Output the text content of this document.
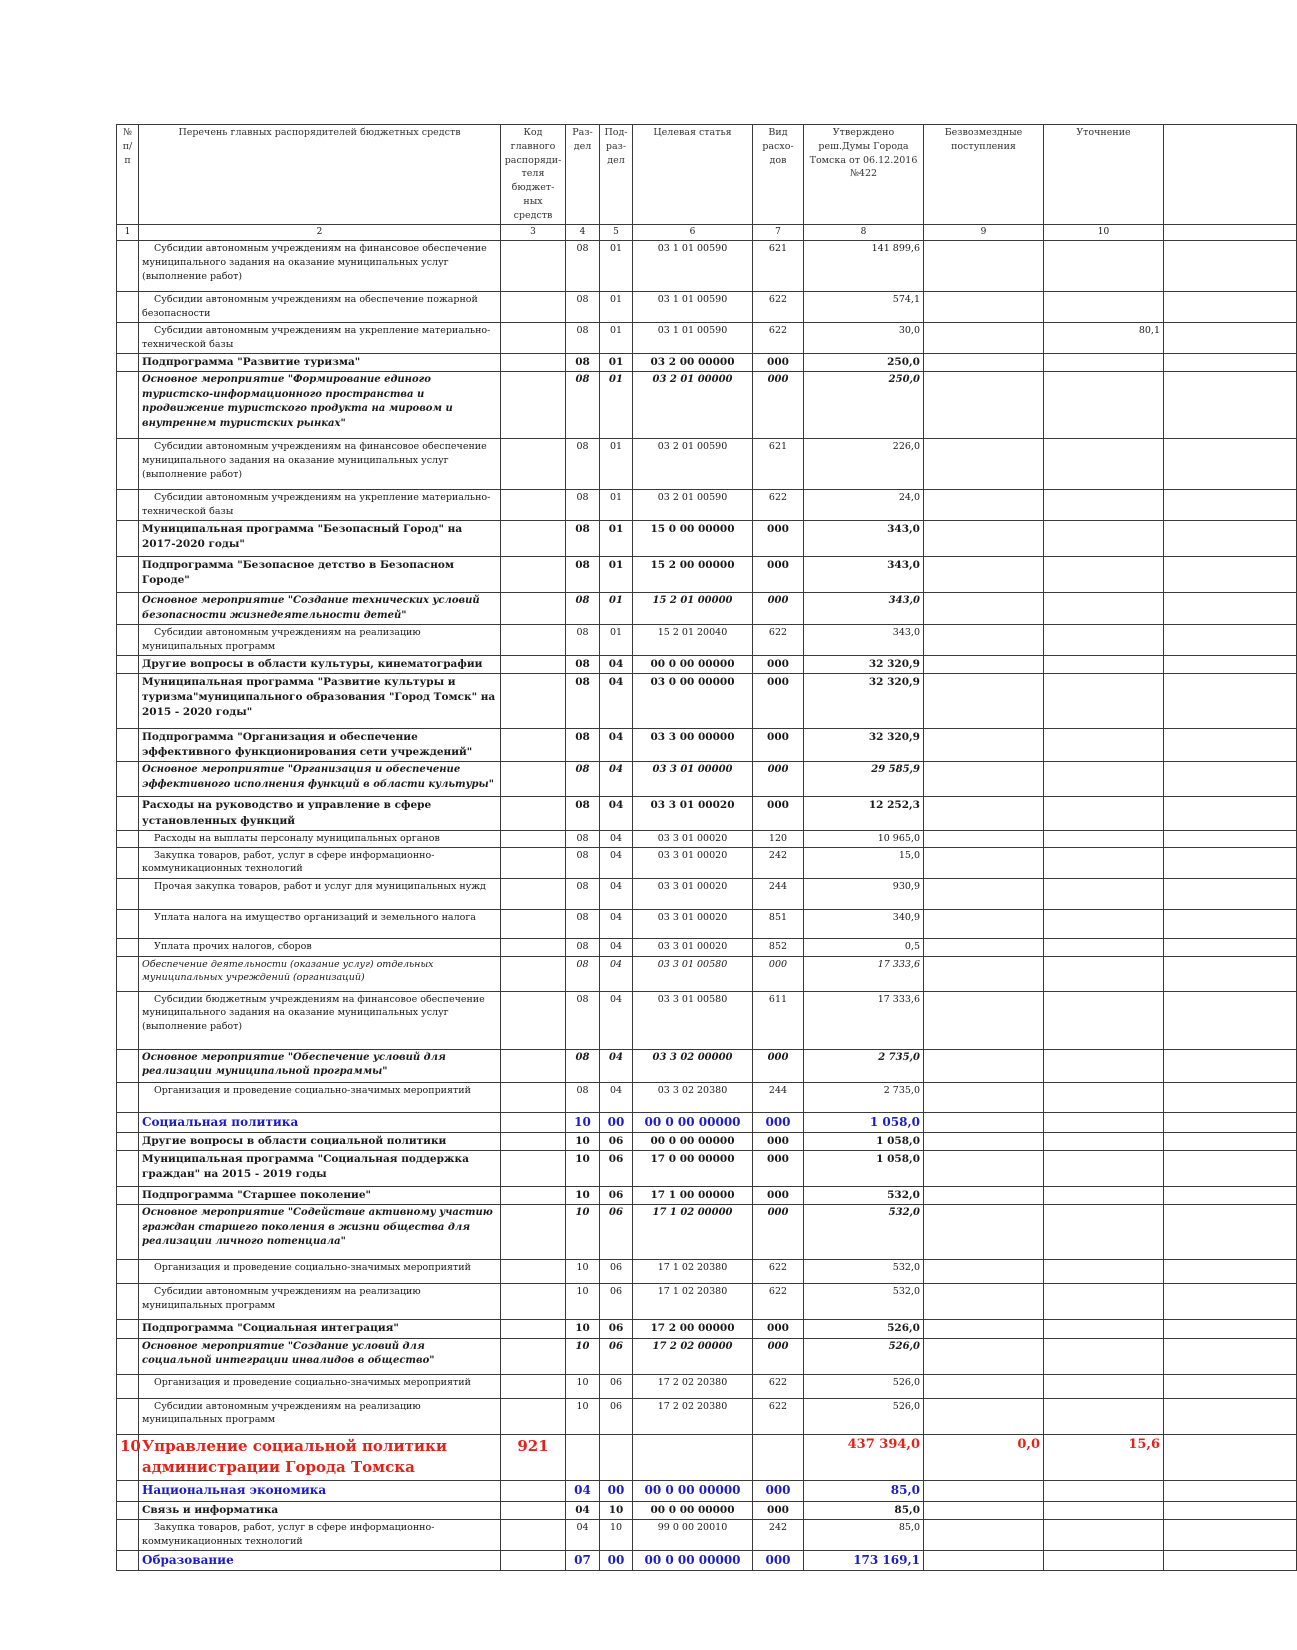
№ п/п	Перечень главных распорядителей бюджетных средств	Код главного распоряди-теля бюджет-ных средств	Раз-дел	Под-раз-дел	Целевая статья	Вид расхо-дов	Утверждено реш.Думы Города Томска от 06.12.2016 №422	Безвозмездные поступления	Уточнение	
1	2	3	4	5	6	7	8	9	10	
	Субсидии автономным учреждениям на финансовое обеспечение муниципального задания на оказание муниципальных услуг (выполнение работ)		08	01	03 1 01 00590	621	141 899,6			
	Субсидии автономным учреждениям на обеспечение пожарной безопасности		08	01	03 1 01 00590	622	574,1			
	Субсидии автономным учреждениям на укрепление материально-технической базы		08	01	03 1 01 00590	622	30,0		80,1	
	Подпрограмма "Развитие туризма"		08	01	03 2 00 00000	000	250,0			
	Основное мероприятие "Формирование единого туристско-информационного пространства и продвижение туристского продукта на мировом и внутреннем туристских рынках"		08	01	03 2 01 00000	000	250,0			
	Субсидии автономным учреждениям на финансовое обеспечение муниципального задания на оказание муниципальных услуг (выполнение работ)		08	01	03 2 01 00590	621	226,0			
	Субсидии автономным учреждениям на укрепление материально-технической базы		08	01	03 2 01 00590	622	24,0			
	Муниципальная программа "Безопасный Город" на 2017-2020 годы"		08	01	15 0 00 00000	000	343,0			
	Подпрограмма "Безопасное детство в Безопасном Городе"		08	01	15 2 00 00000	000	343,0			
	Основное мероприятие "Создание технических условий безопасности жизнедеятельности детей"		08	01	15 2 01 00000	000	343,0			
	Субсидии автономным учреждениям на реализацию муниципальных программ		08	01	15 2 01 20040	622	343,0			
	Другие вопросы в области культуры, кинематографии		08	04	00 0 00 00000	000	32 320,9			
	Муниципальная программа "Развитие культуры и туризма"муниципального образования "Город Томск" на 2015 - 2020 годы"		08	04	03 0 00 00000	000	32 320,9			
	Подпрограмма "Организация и обеспечение эффективного функционирования сети учреждений"		08	04	03 3 00 00000	000	32 320,9			
	Основное мероприятие "Организация и обеспечение эффективного исполнения функций в области культуры"		08	04	03 3 01 00000	000	29 585,9			
	Расходы на руководство и управление в сфере установленных функций		08	04	03 3 01 00020	000	12 252,3			
	Расходы на выплаты персоналу муниципальных органов		08	04	03 3 01 00020	120	10 965,0			
	Закупка товаров, работ, услуг в сфере информационно-коммуникационных технологий		08	04	03 3 01 00020	242	15,0			
	Прочая закупка товаров, работ и услуг для муниципальных нужд		08	04	03 3 01 00020	244	930,9			
	Уплата налога на имущество организаций и земельного налога		08	04	03 3 01 00020	851	340,9			
	Уплата прочих налогов, сборов		08	04	03 3 01 00020	852	0,5			
	Обеспечение деятельности (оказание услуг) отдельных муниципальных учреждений (организаций)		08	04	03 3 01 00580	000	17 333,6			
	Субсидии бюджетным учреждениям на финансовое обеспечение муниципального задания на оказание муниципальных услуг (выполнение работ)		08	04	03 3 01 00580	611	17 333,6			
	Основное мероприятие "Обеспечение условий для реализации муниципальной программы"		08	04	03 3 02 00000	000	2 735,0			
	Организация и проведение социально-значимых мероприятий		08	04	03 3 02 20380	244	2 735,0			
	Социальная политика		10	00	00 0 00 00000	000	1 058,0			
	Другие вопросы в области социальной политики		10	06	00 0 00 00000	000	1 058,0			
	Муниципальная программа "Социальная поддержка граждан" на 2015 - 2019 годы		10	06	17 0 00 00000	000	1 058,0			
	Подпрограмма "Старшее поколение"		10	06	17 1 00 00000	000	532,0			
	Основное мероприятие "Содействие активному участию граждан старшего поколения в жизни общества для реализации личного потенциала"		10	06	17 1 02 00000	000	532,0			
	Организация и проведение социально-значимых мероприятий		10	06	17 1 02 20380	622	532,0			
	Субсидии автономным учреждениям на реализацию муниципальных программ		10	06	17 1 02 20380	622	532,0			
	Подпрограмма "Социальная интеграция"		10	06	17 2 00 00000	000	526,0			
	Основное мероприятие "Создание условий для социальной интеграции инвалидов в общество"		10	06	17 2 02 00000	000	526,0			
	Организация и проведение социально-значимых мероприятий		10	06	17 2 02 20380	622	526,0			
	Субсидии автономным учреждениям на реализацию муниципальных программ		10	06	17 2 02 20380	622	526,0			
10	Управление социальной политики администрации Города Томска	921					437 394,0	0,0	15,6	
	Национальная экономика		04	00	00 0 00 00000	000	85,0			
	Связь и информатика		04	10	00 0 00 00000	000	85,0			
	Закупка товаров, работ, услуг в сфере информационно-коммуникационных технологий		04	10	99 0 00 20010	242	85,0			
	Образование		07	00	00 0 00 00000	000	173 169,1			
